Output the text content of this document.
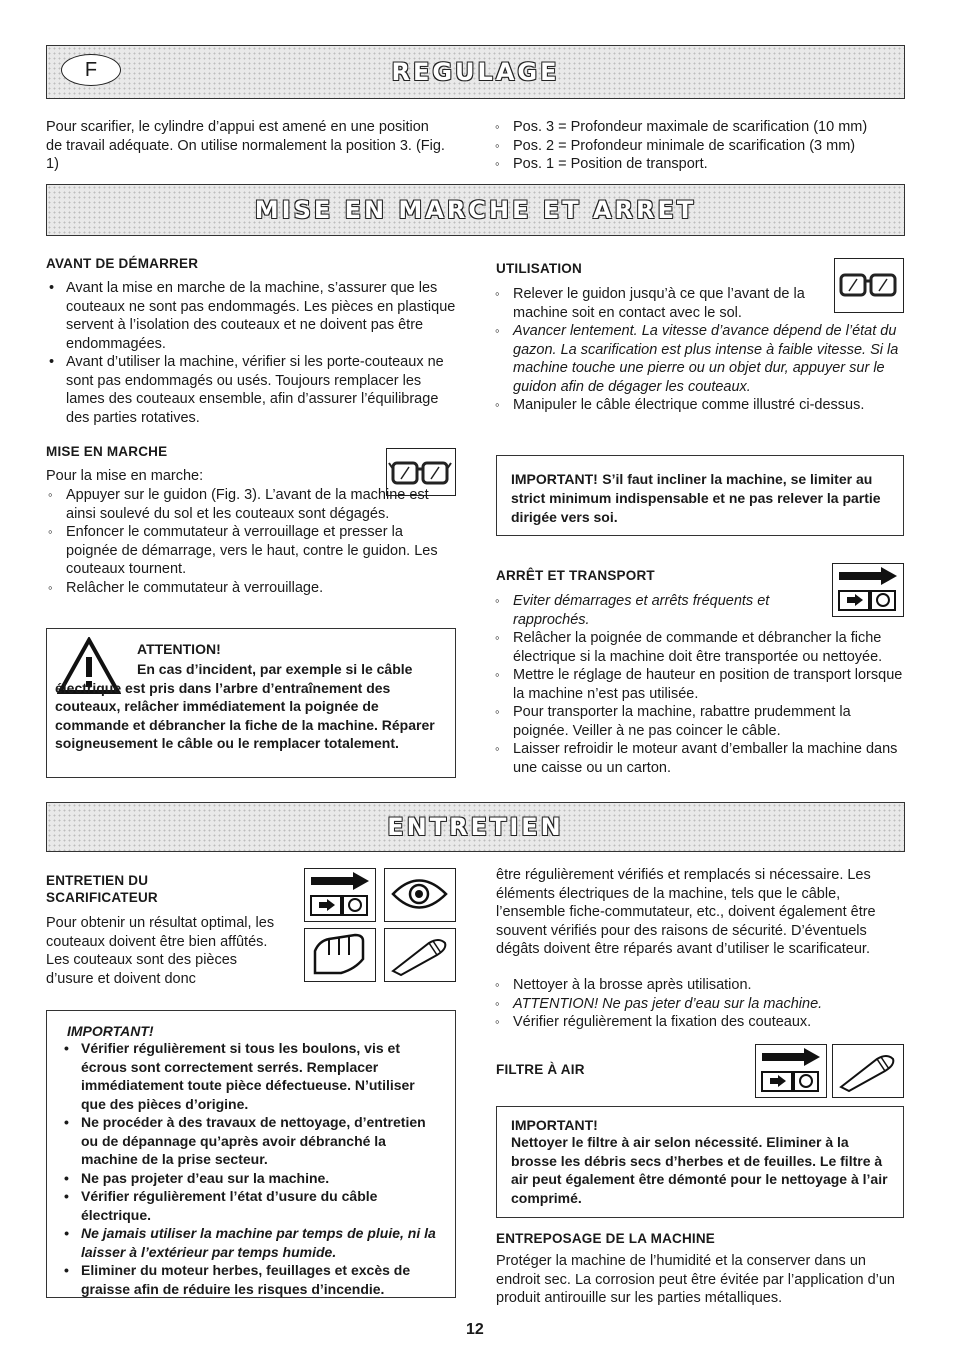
F	REGULAGE

Pour scarifier, le cylindre d’appui est amené en une position de travail adéquate. On utilise normalement la position 3. (Fig. 1)

◦ Pos. 3 = Profondeur maximale de scarification (10 mm)
◦ Pos. 2 = Profondeur minimale de scarification (3 mm)
◦ Pos. 1 = Position de transport.
MISE EN MARCHE ET ARRET
AVANT DE DÉMARRER
• Avant la mise en marche de la machine, s’assurer que les couteaux ne sont pas endommagés. Les pièces en plastique servent à l’isolation des couteaux et ne doivent pas être endommagées.
• Avant d’utiliser la machine, vérifier si les porte-couteaux ne sont pas endommagés ou usés. Toujours remplacer les lames des couteaux ensemble, afin d’assurer l’équilibrage des parties rotatives.
MISE EN MARCHE
Pour la mise en marche:
◦ Appuyer sur le guidon (Fig. 3). L’avant de la machine est ainsi soulevé du sol et les couteaux sont dégagés.
◦ Enfoncer le commutateur à verrouillage et presser la poignée de démarrage, vers le haut, contre le guidon. Les couteaux tournent.
◦ Relâcher le commutateur à verrouillage.
ATTENTION!
En cas d’incident, par exemple si le câble électrique est pris dans l’arbre d’entraînement des couteaux, relâcher immédiatement la poignée de commande et débrancher la fiche de la machine. Réparer soigneusement le câble ou le remplacer totalement.
UTILISATION
◦ Relever le guidon jusqu’à ce que l’avant de la machine soit en contact avec le sol.
◦ Avancer lentement. La vitesse d’avance dépend de l’état du gazon. La scarification est plus intense à faible vitesse. Si la machine touche une pierre ou un objet dur, appuyer sur le guidon afin de dégager les couteaux.
◦ Manipuler le câble électrique comme illustré ci-dessus.
IMPORTANT! S’il faut incliner la machine, se limiter au strict minimum indispensable et ne pas relever la partie dirigée vers soi.
ARRÊT ET TRANSPORT
◦ Eviter démarrages et arrêts fréquents et rapprochés.
◦ Relâcher la poignée de commande et débrancher la fiche électrique si la machine doit être transportée ou nettoyée.
◦ Mettre le réglage de hauteur en position de transport lorsque la machine n’est pas utilisée.
◦ Pour transporter la machine, rabattre prudemment la poignée. Veiller à ne pas coincer le câble.
◦ Laisser refroidir le moteur avant d’emballer la machine dans une caisse ou un carton.
ENTRETIEN
ENTRETIEN DU SCARIFICATEUR
Pour obtenir un résultat optimal, les couteaux doivent être bien affûtés. Les couteaux sont des pièces d’usure et doivent donc
IMPORTANT!
• Vérifier régulièrement si tous les boulons, vis et écrous sont correctement serrés. Remplacer immédiatement toute pièce défectueuse. N’utiliser que des pièces d’origine.
• Ne procéder à des travaux de nettoyage, d’entretien ou de dépannage qu’après avoir débranché la machine de la prise secteur.
• Ne pas projeter d’eau sur la machine.
• Vérifier régulièrement l’état d’usure du câble électrique.
• Ne jamais utiliser la machine par temps de pluie, ni la laisser à l’extérieur par temps humide.
• Eliminer du moteur herbes, feuillages et excès de graisse afin de réduire les risques d’incendie.
être régulièrement vérifiés et remplacés si nécessaire. Les éléments électriques de la machine, tels que le câble, l’ensemble fiche-commutateur, etc., doivent également être souvent vérifiés pour des raisons de sécurité. D’éventuels dégâts doivent être réparés avant d’utiliser le scarificateur.
◦ Nettoyer à la brosse après utilisation.
◦ ATTENTION! Ne pas jeter d’eau sur la machine.
◦ Vérifier régulièrement la fixation des couteaux.
FILTRE À AIR
IMPORTANT!
Nettoyer le filtre à air selon nécessité. Eliminer à la brosse les débris secs d’herbes et de feuilles. Le filtre à air peut également être démonté pour le nettoyage à l’air comprimé.
ENTREPOSAGE DE LA MACHINE
Protéger la machine de l’humidité et la conserver dans un endroit sec. La corrosion peut être évitée par l’application d’un produit antirouille sur les parties métalliques.
12
